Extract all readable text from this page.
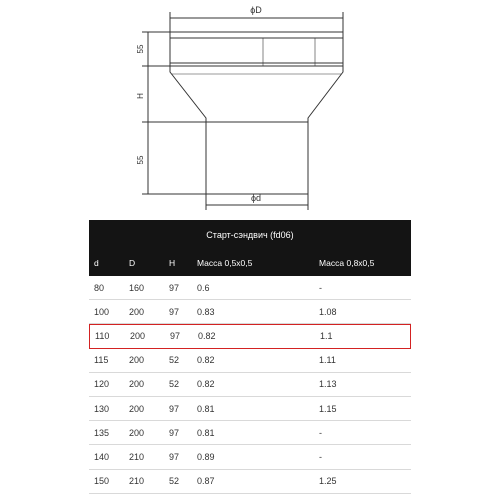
ϕD
ϕd
55
H
55
Старт-сэндвич (fd06)
d	D	H	Масса 0,5х0,5	Масса 0,8х0,5
80	160	97	0.6	-
100	200	97	0.83	1.08
110	200	97	0.82	1.1
115	200	52	0.82	1.11
120	200	52	0.82	1.13
130	200	97	0.81	1.15
135	200	97	0.81	-
140	210	97	0.89	-
150	210	52	0.87	1.25
